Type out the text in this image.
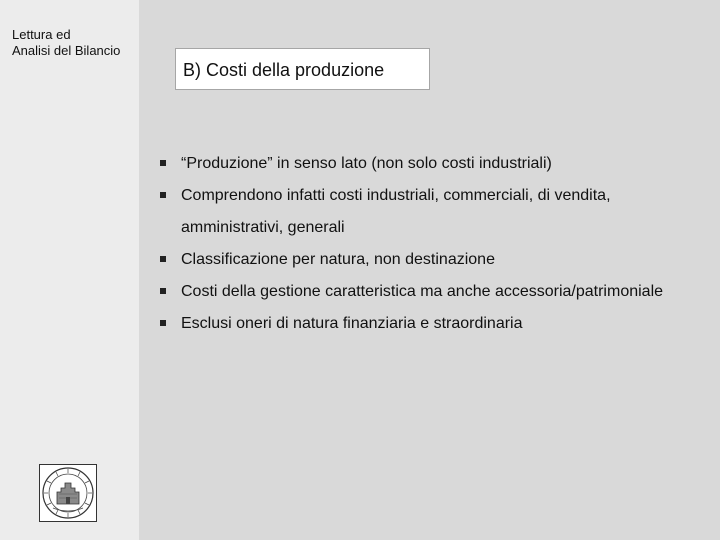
Lettura ed
Analisi del Bilancio
B) Costi della produzione
“Produzione” in senso lato (non solo costi industriali)
Comprendono infatti costi industriali, commerciali, di vendita, amministrativi, generali
Classificazione per natura, non destinazione
Costi della gestione caratteristica ma anche accessoria/patrimoniale
Esclusi oneri di natura finanziaria e straordinaria
